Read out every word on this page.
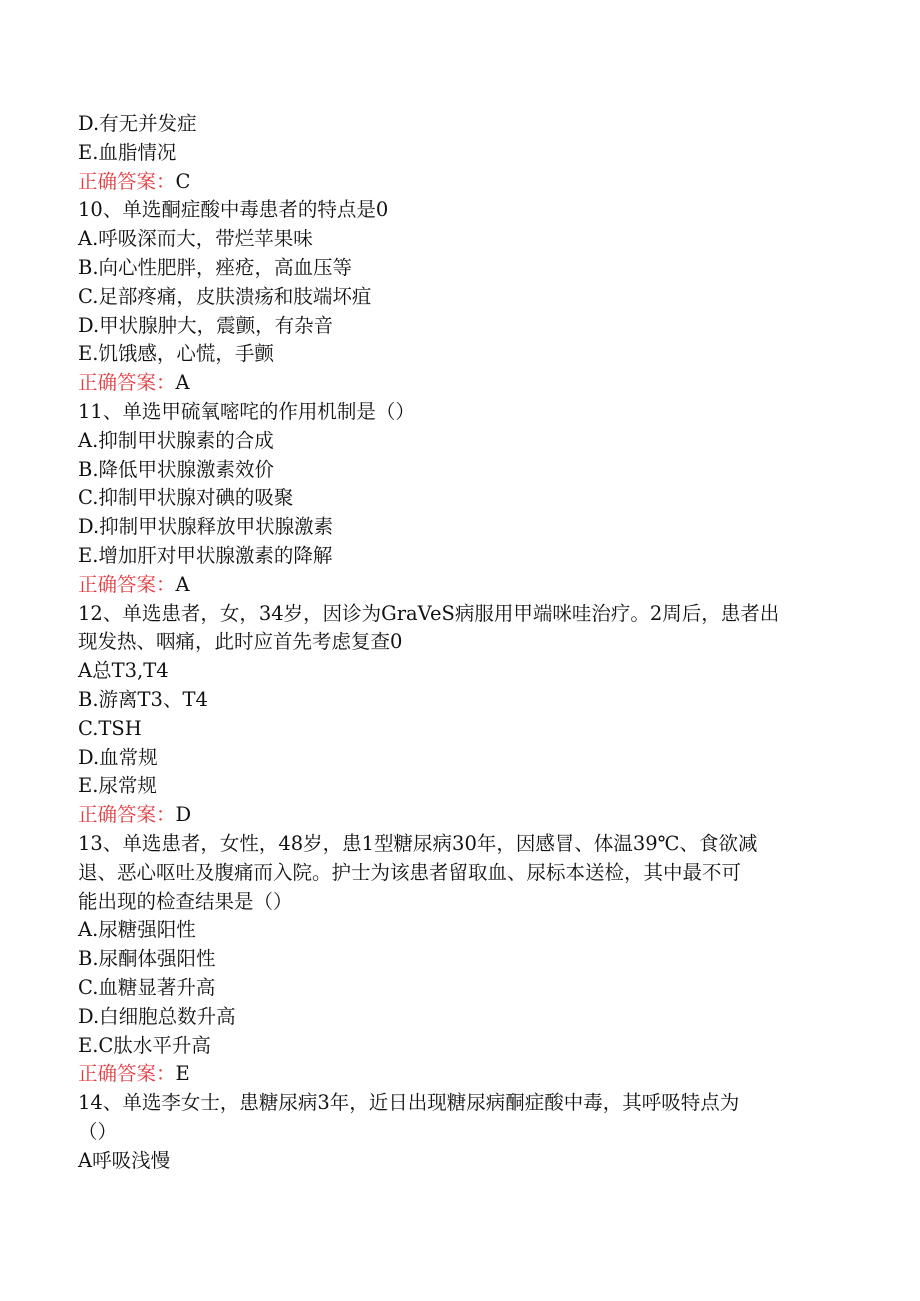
D.有无并发症

E.血脂情况

正确答案：C

10、单选酮症酸中毒患者的特点是0

A.呼吸深而大，带烂苹果味

B.向心性肥胖，痤疮，高血压等

C.足部疼痛，皮肤溃疡和肢端坏疽

D.甲状腺肿大，震颤，有杂音

E.饥饿感，心慌，手颤

正确答案：A

11、单选甲硫氧嘧咤的作用机制是（）

A.抑制甲状腺素的合成

B.降低甲状腺激素效价

C.抑制甲状腺对碘的吸聚

D.抑制甲状腺释放甲状腺激素

E.增加肝对甲状腺激素的降解

正确答案：A

12、单选患者，女，34岁，因诊为GraVeS病服用甲端咪哇治疗。2周后，患者出

现发热、咽痛，此时应首先考虑复查0

A总T3,T4

B.游离T3、T4

C.TSH

D.血常规

E.尿常规

正确答案：D

13、单选患者，女性，48岁，患1型糖尿病30年，因感冒、体温39℃、食欲减

退、恶心呕吐及腹痛而入院。护士为该患者留取血、尿标本送检，其中最不可

能出现的检查结果是（）

A.尿糖强阳性

B.尿酮体强阳性

C.血糖显著升高

D.白细胞总数升高

E.C肽水平升高

正确答案：E

14、单选李女士，患糖尿病3年，近日出现糖尿病酮症酸中毒，其呼吸特点为

（）

A呼吸浅慢
